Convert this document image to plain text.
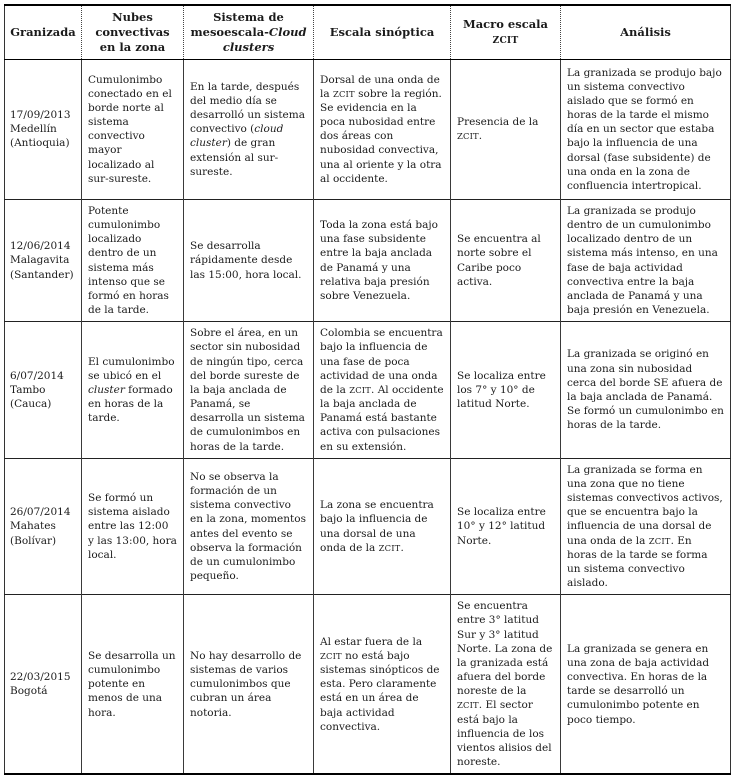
Granizada	Nubes convectivas en la zona	Sistema de mesoescala-Cloud clusters	Escala sinóptica	Macro escala ZCIT	Análisis
17/09/2013
Medellín
(Antioquia)	Cumulonimbo conectado en el borde norte al sistema convectivo mayor localizado al sur-sureste.	En la tarde, después del medio día se desarrolló un sistema convectivo (cloud cluster) de gran extensión al sur-sureste.	Dorsal de una onda de la ZCIT sobre la región. Se evidencia en la poca nubosidad entre dos áreas con nubosidad convectiva, una al oriente y la otra al occidente.	Presencia de la ZCIT.	La granizada se produjo bajo un sistema convectivo aislado que se formó en horas de la tarde el mismo día en un sector que estaba bajo la influencia de una dorsal (fase subsidente) de una onda en la zona de confluencia intertropical.
12/06/2014
Malagavita
(Santander)	Potente cumulonimbo localizado dentro de un sistema más intenso que se formó en horas de la tarde.	Se desarrolla rápidamente desde las 15:00, hora local.	Toda la zona está bajo una fase subsidente entre la baja anclada de Panamá y una relativa baja presión sobre Venezuela.	Se encuentra al norte sobre el Caribe poco activa.	La granizada se produjo dentro de un cumulonimbo localizado dentro de un sistema más intenso, en una fase de baja actividad convectiva entre la baja anclada de Panamá y una baja presión en Venezuela.
6/07/2014
Tambo
(Cauca)	El cumulonimbo se ubicó en el cluster formado en horas de la tarde.	Sobre el área, en un sector sin nubosidad de ningún tipo, cerca del borde sureste de la baja anclada de Panamá, se desarrolla un sistema de cumulonimbos en horas de la tarde.	Colombia se encuentra bajo la influencia de una fase de poca actividad de una onda de la ZCIT. Al occidente la baja anclada de Panamá está bastante activa con pulsaciones en su extensión.	Se localiza entre los 7° y 10° de latitud Norte.	La granizada se originó en una zona sin nubosidad cerca del borde SE afuera de la baja anclada de Panamá. Se formó un cumulonimbo en horas de la tarde.
26/07/2014
Mahates
(Bolívar)	Se formó un sistema aislado entre las 12:00 y las 13:00, hora local.	No se observa la formación de un sistema convectivo en la zona, momentos antes del evento se observa la formación de un cumulonimbo pequeño.	La zona se encuentra bajo la influencia de una dorsal de una onda de la ZCIT.	Se localiza entre 10° y 12° latitud Norte.	La granizada se forma en una zona que no tiene sistemas convectivos activos, que se encuentra bajo la influencia de una dorsal de una onda de la ZCIT. En horas de la tarde se forma un sistema convectivo aislado.
22/03/2015
Bogotá	Se desarrolla un cumulonimbo potente en menos de una hora.	No hay desarrollo de sistemas de varios cumulonimbos que cubran un área notoria.	Al estar fuera de la ZCIT no está bajo sistemas sinópticos de esta. Pero claramente está en un área de baja actividad convectiva.	Se encuentra entre 3° latitud Sur y 3° latitud Norte. La zona de la granizada está afuera del borde noreste de la ZCIT. El sector está bajo la influencia de los vientos alisios del noreste.	La granizada se genera en una zona de baja actividad convectiva. En horas de la tarde se desarrolló un cumulonimbo potente en poco tiempo.
